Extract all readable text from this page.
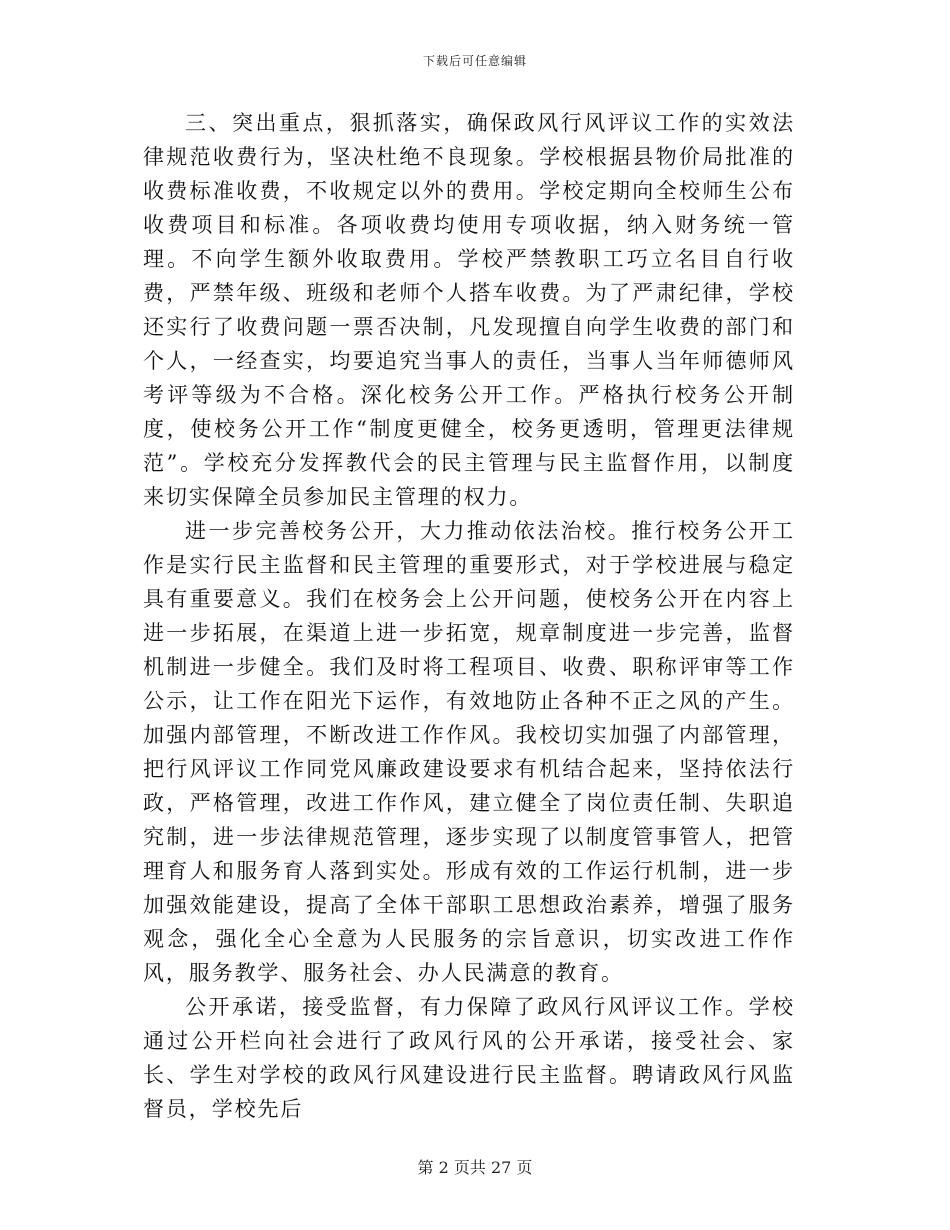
下载后可任意编辑

三、突出重点，狠抓落实，确保政风行风评议工作的实效法律规范收费行为，坚决杜绝不良现象。学校根据县物价局批准的收费标准收费，不收规定以外的费用。学校定期向全校师生公布收费项目和标准。各项收费均使用专项收据，纳入财务统一管理。不向学生额外收取费用。学校严禁教职工巧立名目自行收费，严禁年级、班级和老师个人搭车收费。为了严肃纪律，学校还实行了收费问题一票否决制，凡发现擅自向学生收费的部门和个人，一经查实，均要追究当事人的责任，当事人当年师德师风考评等级为不合格。深化校务公开工作。严格执行校务公开制度，使校务公开工作“制度更健全，校务更透明，管理更法律规范”。学校充分发挥教代会的民主管理与民主监督作用，以制度来切实保障全员参加民主管理的权力。

进一步完善校务公开，大力推动依法治校。推行校务公开工作是实行民主监督和民主管理的重要形式，对于学校进展与稳定具有重要意义。我们在校务会上公开问题，使校务公开在内容上进一步拓展，在渠道上进一步拓宽，规章制度进一步完善，监督机制进一步健全。我们及时将工程项目、收费、职称评审等工作公示，让工作在阳光下运作，有效地防止各种不正之风的产生。加强内部管理，不断改进工作作风。我校切实加强了内部管理，把行风评议工作同党风廉政建设要求有机结合起来，坚持依法行政，严格管理，改进工作作风，建立健全了岗位责任制、失职追究制，进一步法律规范管理，逐步实现了以制度管事管人，把管理育人和服务育人落到实处。形成有效的工作运行机制，进一步加强效能建设，提高了全体干部职工思想政治素养，增强了服务观念，强化全心全意为人民服务的宗旨意识，切实改进工作作风，服务教学、服务社会、办人民满意的教育。

公开承诺，接受监督，有力保障了政风行风评议工作。学校通过公开栏向社会进行了政风行风的公开承诺，接受社会、家长、学生对学校的政风行风建设进行民主监督。聘请政风行风监督员，学校先后

第 2 页共 27 页
